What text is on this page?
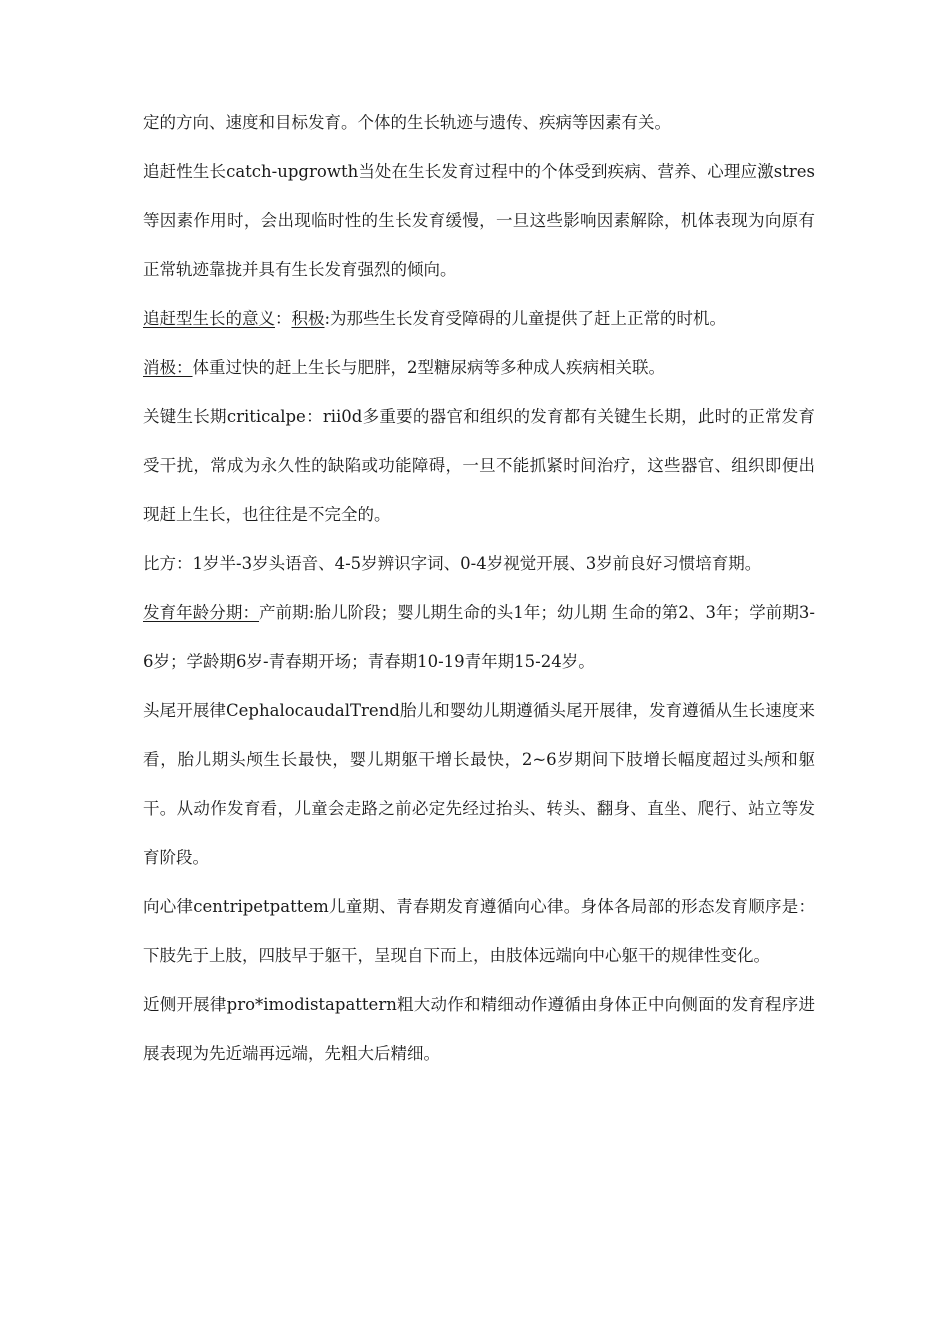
定的方向、速度和目标发育。个体的生长轨迹与遗传、疾病等因素有关。

追赶性生长catch-upgrowth当处在生长发育过程中的个体受到疾病、营养、心理应激stres等因素作用时，会出现临时性的生长发育缓慢，一旦这些影响因素解除，机体表现为向原有正常轨迹靠拢并具有生长发育强烈的倾向。

追赶型生长的意义：积极:为那些生长发育受障碍的儿童提供了赶上正常的时机。

消极：体重过快的赶上生长与肥胖，2型糖尿病等多种成人疾病相关联。

关键生长期criticalpe：rii0d多重要的器官和组织的发育都有关键生长期，此时的正常发育受干扰，常成为永久性的缺陷或功能障碍，一旦不能抓紧时间治疗，这些器官、组织即便出现赶上生长，也往往是不完全的。

比方：1岁半-3岁头语音、4-5岁辨识字词、0-4岁视觉开展、3岁前良好习惯培育期。

发育年龄分期：产前期:胎儿阶段；婴儿期生命的头1年；幼儿期 生命的第2、3年；学前期3-6岁；学龄期6岁-青春期开场；青春期10-19青年期15-24岁。

头尾开展律CephalocaudalTrend胎儿和婴幼儿期遵循头尾开展律，发育遵循从生长速度来看，胎儿期头颅生长最快，婴儿期躯干增长最快，2~6岁期间下肢增长幅度超过头颅和躯干。从动作发育看，儿童会走路之前必定先经过抬头、转头、翻身、直坐、爬行、站立等发育阶段。

向心律centripetpattem儿童期、青春期发育遵循向心律。身体各局部的形态发育顺序是：下肢先于上肢，四肢早于躯干，呈现自下而上，由肢体远端向中心躯干的规律性变化。

近侧开展律pro*imodistapattern粗大动作和精细动作遵循由身体正中向侧面的发育程序进展表现为先近端再远端，先粗大后精细。
